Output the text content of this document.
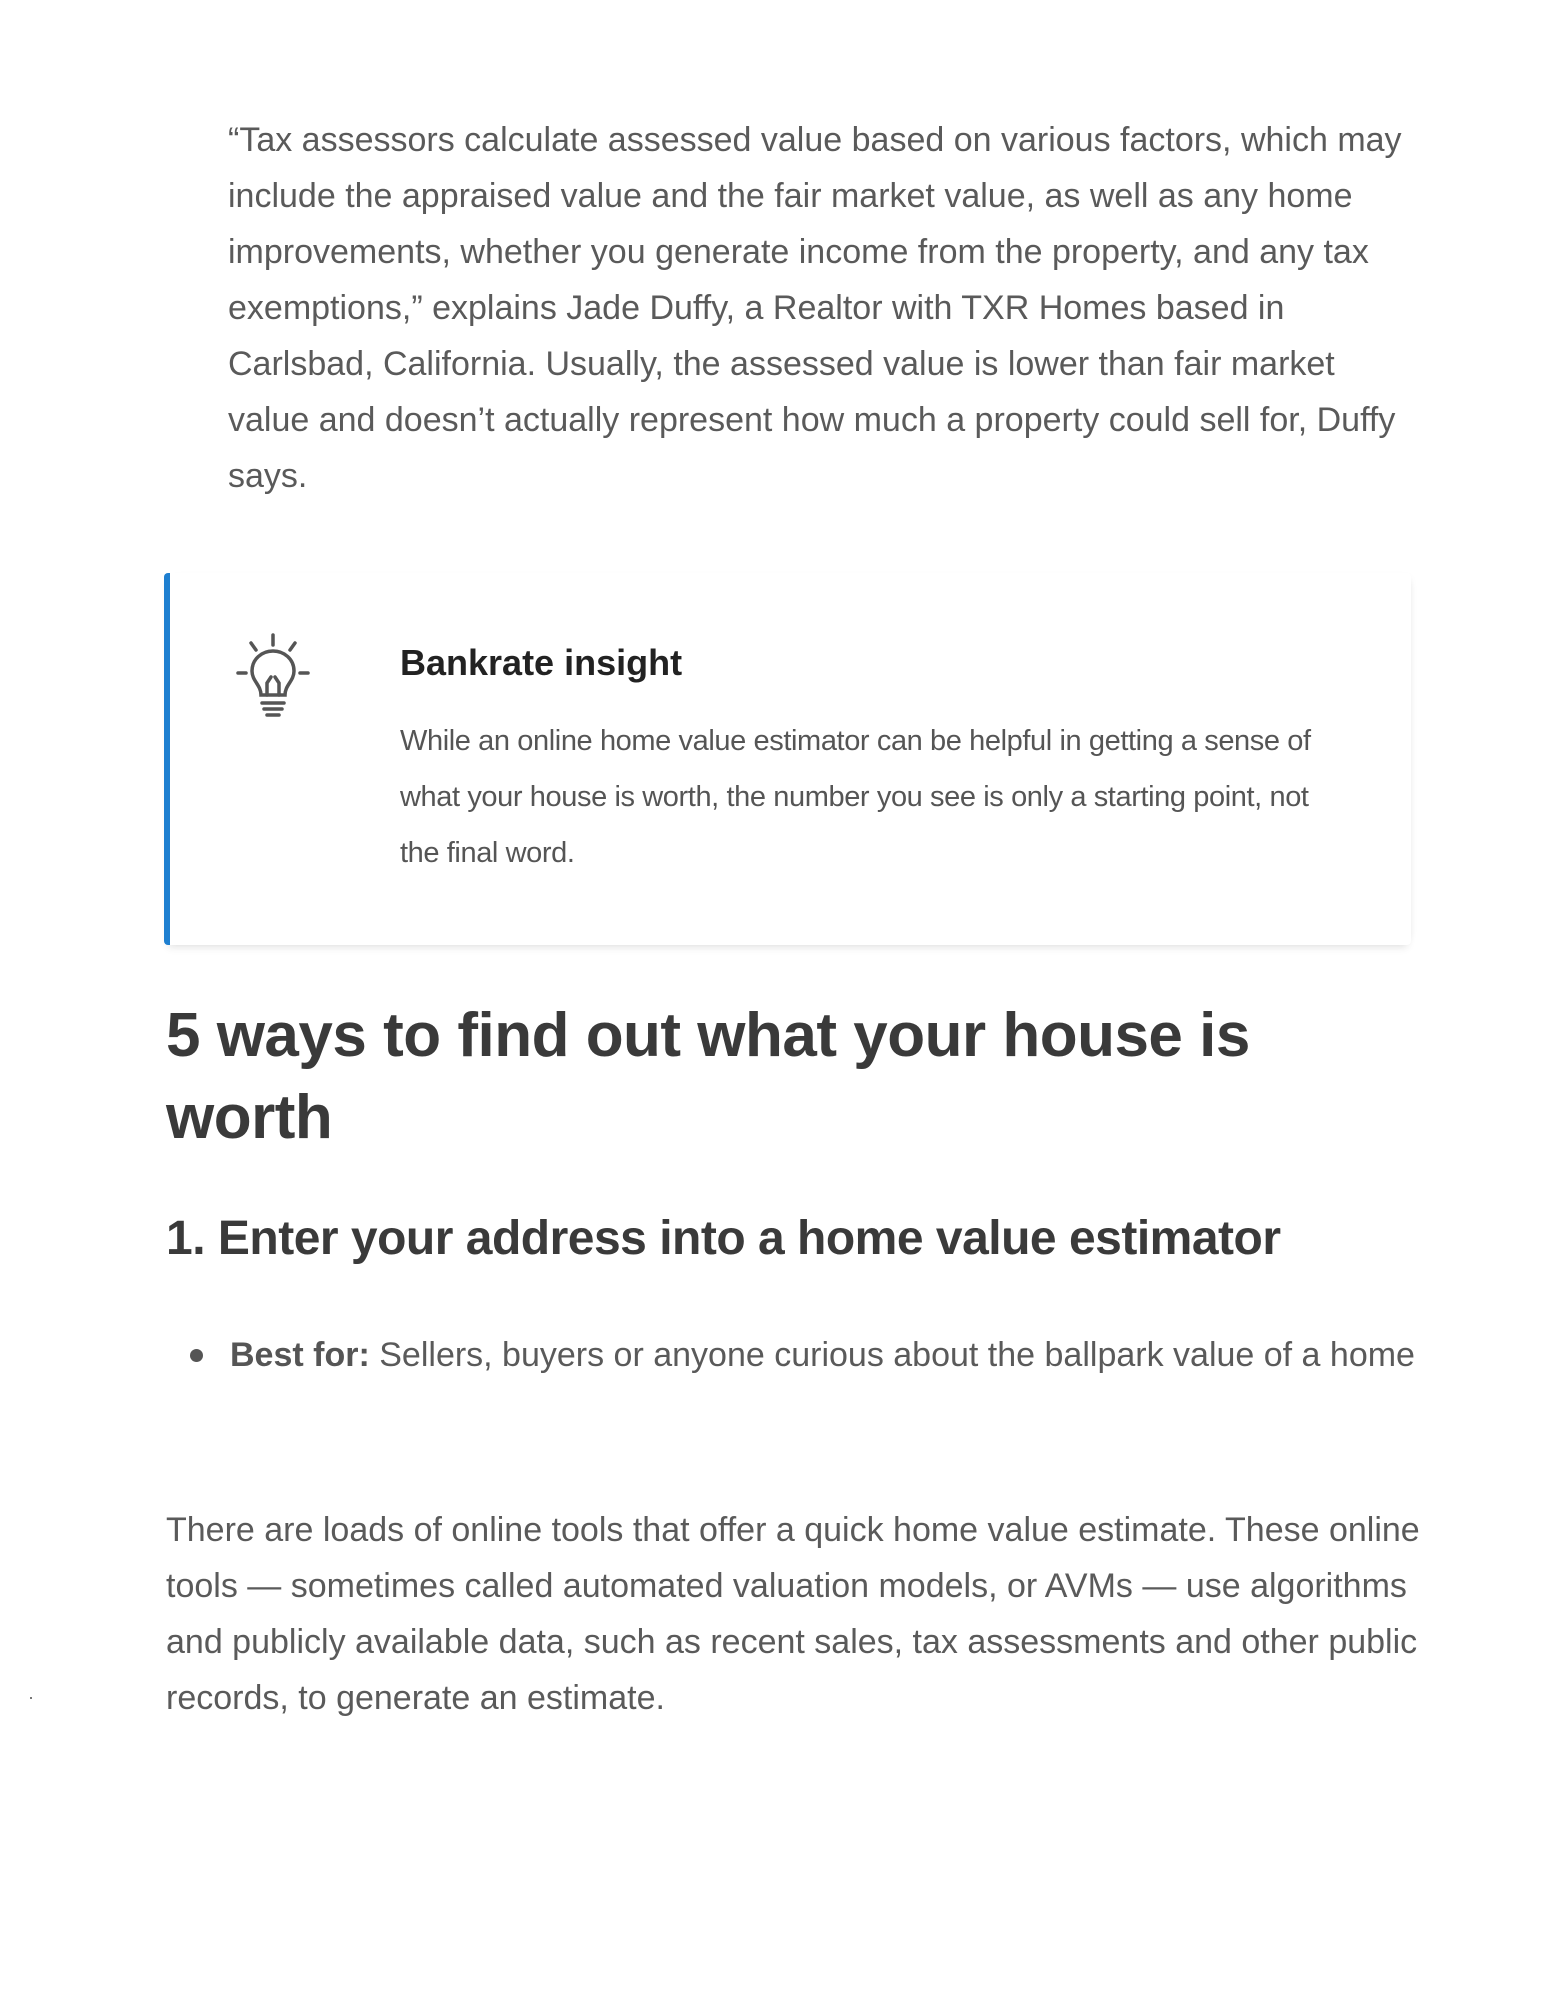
“Tax assessors calculate assessed value based on various factors, which may include the appraised value and the fair market value, as well as any home improvements, whether you generate income from the property, and any tax exemptions,” explains Jade Duffy, a Realtor with TXR Homes based in Carlsbad, California. Usually, the assessed value is lower than fair market value and doesn’t actually represent how much a property could sell for, Duffy says.

Bankrate insight

While an online home value estimator can be helpful in getting a sense of what your house is worth, the number you see is only a starting point, not the final word.

5 ways to find out what your house is worth
1. Enter your address into a home value estimator
Best for: Sellers, buyers or anyone curious about the ballpark value of a home

There are loads of online tools that offer a quick home value estimate. These online tools — sometimes called automated valuation models, or AVMs — use algorithms and publicly available data, such as recent sales, tax assessments and other public records, to generate an estimate.
